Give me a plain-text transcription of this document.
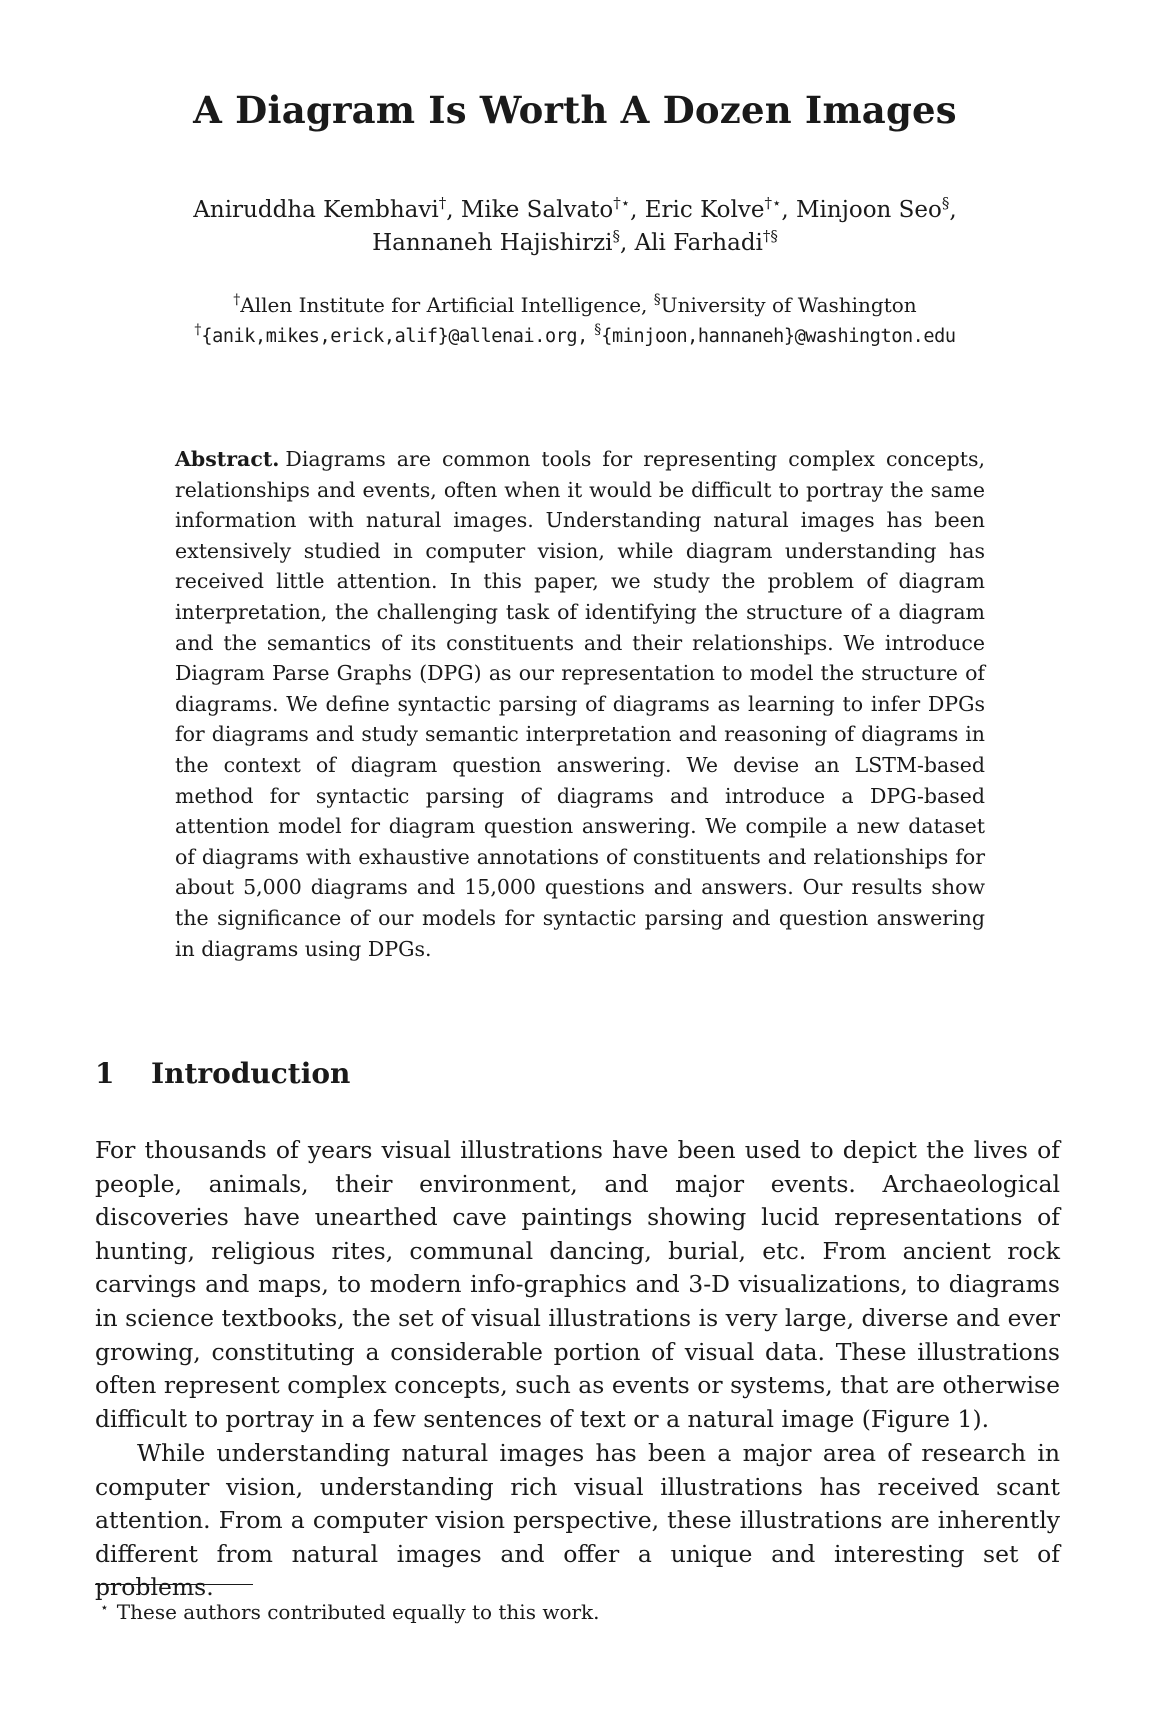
A Diagram Is Worth A Dozen Images
Aniruddha Kembhavi†, Mike Salvato†⋆, Eric Kolve†⋆, Minjoon Seo§,
Hannaneh Hajishirzi§, Ali Farhadi†§
†Allen Institute for Artificial Intelligence, §University of Washington
†{anik,mikes,erick,alif}@allenai.org, §{minjoon,hannaneh}@washington.edu
Abstract. Diagrams are common tools for representing complex concepts, relationships and events, often when it would be difficult to portray the same information with natural images. Understanding natural images has been extensively studied in computer vision, while diagram understanding has received little attention. In this paper, we study the problem of diagram interpretation, the challenging task of identifying the structure of a diagram and the semantics of its constituents and their relationships. We introduce Diagram Parse Graphs (DPG) as our representation to model the structure of diagrams. We define syntactic parsing of diagrams as learning to infer DPGs for diagrams and study semantic interpretation and reasoning of diagrams in the context of diagram question answering. We devise an LSTM-based method for syntactic parsing of diagrams and introduce a DPG-based attention model for diagram question answering. We compile a new dataset of diagrams with exhaustive annotations of constituents and relationships for about 5,000 diagrams and 15,000 questions and answers. Our results show the significance of our models for syntactic parsing and question answering in diagrams using DPGs.
1 Introduction
For thousands of years visual illustrations have been used to depict the lives of people, animals, their environment, and major events. Archaeological discoveries have unearthed cave paintings showing lucid representations of hunting, religious rites, communal dancing, burial, etc. From ancient rock carvings and maps, to modern info-graphics and 3-D visualizations, to diagrams in science textbooks, the set of visual illustrations is very large, diverse and ever growing, constituting a considerable portion of visual data. These illustrations often represent complex concepts, such as events or systems, that are otherwise difficult to portray in a few sentences of text or a natural image (Figure 1).
While understanding natural images has been a major area of research in computer vision, understanding rich visual illustrations has received scant attention. From a computer vision perspective, these illustrations are inherently different from natural images and offer a unique and interesting set of problems.
⋆ These authors contributed equally to this work.
